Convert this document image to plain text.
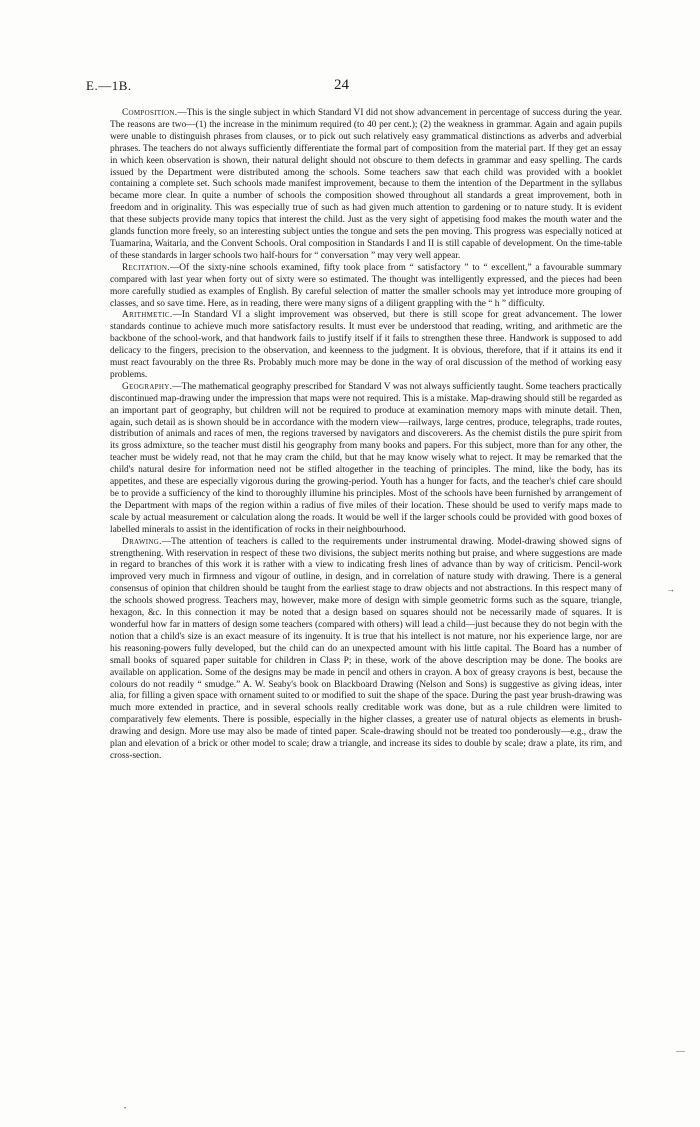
E.—1B.	24

Composition.—This is the single subject in which Standard VI did not show advancement in percentage of success during the year. The reasons are two—(1) the increase in the minimum required (to 40 per cent.); (2) the weakness in grammar. Again and again pupils were unable to distinguish phrases from clauses, or to pick out such relatively easy grammatical distinctions as adverbs and adverbial phrases. The teachers do not always sufficiently differentiate the formal part of composition from the material part. If they get an essay in which keen observation is shown, their natural delight should not obscure to them defects in grammar and easy spelling. The cards issued by the Department were distributed among the schools. Some teachers saw that each child was provided with a booklet containing a complete set. Such schools made manifest improvement, because to them the intention of the Department in the syllabus became more clear. In quite a number of schools the composition showed throughout all standards a great improvement, both in freedom and in originality. This was especially true of such as had given much attention to gardening or to nature study. It is evident that these subjects provide many topics that interest the child. Just as the very sight of appetising food makes the mouth water and the glands function more freely, so an interesting subject unties the tongue and sets the pen moving. This progress was especially noticed at Tuamarina, Waitaria, and the Convent Schools. Oral composition in Standards I and II is still capable of development. On the time-table of these standards in larger schools two half-hours for “ conversation ” may very well appear.

Recitation.—Of the sixty-nine schools examined, fifty took place from “ satisfactory ” to “ excellent,” a favourable summary compared with last year when forty out of sixty were so estimated. The thought was intelligently expressed, and the pieces had been more carefully studied as examples of English. By careful selection of matter the smaller schools may yet introduce more grouping of classes, and so save time. Here, as in reading, there were many signs of a diligent grappling with the “ h ” difficulty.

Arithmetic.—In Standard VI a slight improvement was observed, but there is still scope for great advancement. The lower standards continue to achieve much more satisfactory results. It must ever be understood that reading, writing, and arithmetic are the backbone of the school-work, and that handwork fails to justify itself if it fails to strengthen these three. Handwork is supposed to add delicacy to the fingers, precision to the observation, and keenness to the judgment. It is obvious, therefore, that if it attains its end it must react favourably on the three Rs. Probably much more may be done in the way of oral discussion of the method of working easy problems.

Geography.—The mathematical geography prescribed for Standard V was not always sufficiently taught. Some teachers practically discontinued map-drawing under the impression that maps were not required. This is a mistake. Map-drawing should still be regarded as an important part of geography, but children will not be required to produce at examination memory maps with minute detail. Then, again, such detail as is shown should be in accordance with the modern view—railways, large centres, produce, telegraphs, trade routes, distribution of animals and races of men, the regions traversed by navigators and discoverers. As the chemist distils the pure spirit from its gross admixture, so the teacher must distil his geography from many books and papers. For this subject, more than for any other, the teacher must be widely read, not that he may cram the child, but that he may know wisely what to reject. It may be remarked that the child's natural desire for information need not be stifled altogether in the teaching of principles. The mind, like the body, has its appetites, and these are especially vigorous during the growing-period. Youth has a hunger for facts, and the teacher's chief care should be to provide a sufficiency of the kind to thoroughly illumine his principles. Most of the schools have been furnished by arrangement of the Department with maps of the region within a radius of five miles of their location. These should be used to verify maps made to scale by actual measurement or calculation along the roads. It would be well if the larger schools could be provided with good boxes of labelled minerals to assist in the identification of rocks in their neighbourhood.

Drawing.—The attention of teachers is called to the requirements under instrumental drawing. Model-drawing showed signs of strengthening. With reservation in respect of these two divisions, the subject merits nothing but praise, and where suggestions are made in regard to branches of this work it is rather with a view to indicating fresh lines of advance than by way of criticism. Pencil-work improved very much in firmness and vigour of outline, in design, and in correlation of nature study with drawing. There is a general consensus of opinion that children should be taught from the earliest stage to draw objects and not abstractions. In this respect many of the schools showed progress. Teachers may, however, make more of design with simple geometric forms such as the square, triangle, hexagon, &c. In this connection it may be noted that a design based on squares should not be necessarily made of squares. It is wonderful how far in matters of design some teachers (compared with others) will lead a child—just because they do not begin with the notion that a child's size is an exact measure of its ingenuity. It is true that his intellect is not mature, nor his experience large, nor are his reasoning-powers fully developed, but the child can do an unexpected amount with his little capital. The Board has a number of small books of squared paper suitable for children in Class P; in these, work of the above description may be done. The books are available on application. Some of the designs may be made in pencil and others in crayon. A box of greasy crayons is best, because the colours do not readily “ smudge.” A. W. Seaby's book on Blackboard Drawing (Nelson and Sons) is suggestive as giving ideas, inter alia, for filling a given space with ornament suited to or modified to suit the shape of the space. During the past year brush-drawing was much more extended in practice, and in several schools really creditable work was done, but as a rule children were limited to comparatively few elements. There is possible, especially in the higher classes, a greater use of natural objects as elements in brush-drawing and design. More use may also be made of tinted paper. Scale-drawing should not be treated too ponderously—e.g., draw the plan and elevation of a brick or other model to scale; draw a triangle, and increase its sides to double by scale; draw a plate, its rim, and cross-section.

→
—
•
